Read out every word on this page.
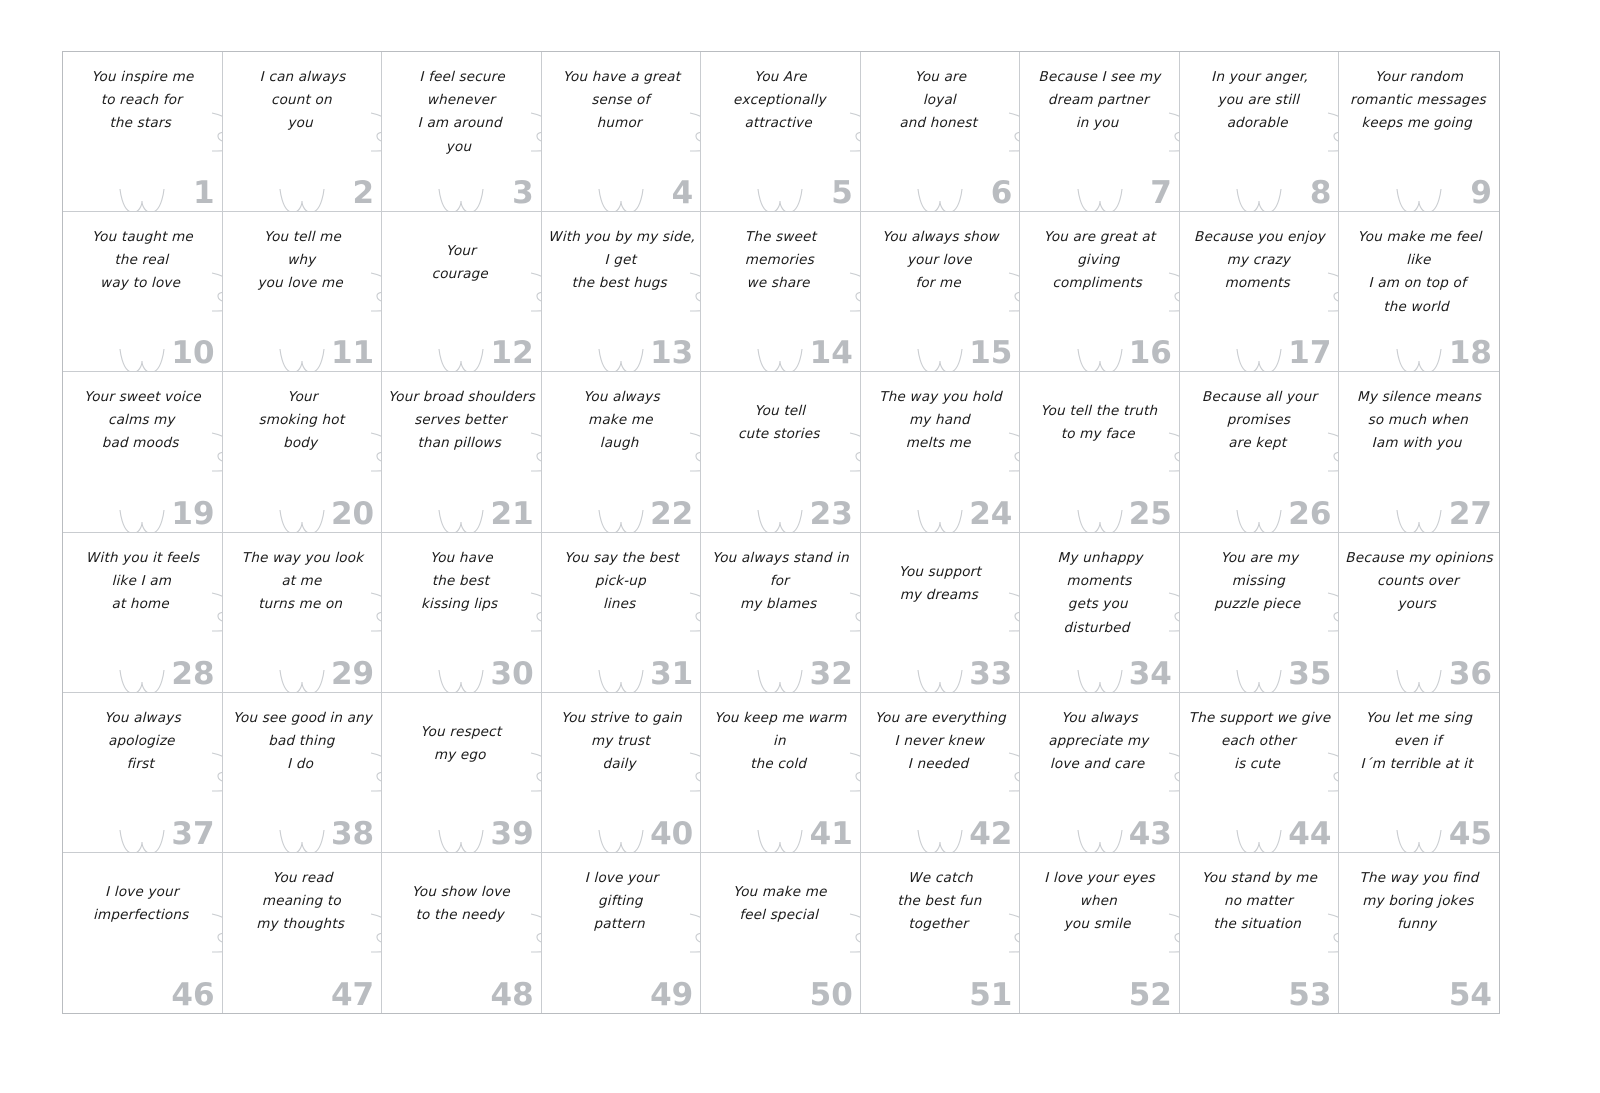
You inspire me
to reach for
the stars
1
I can always
count on
you
2
I feel secure whenever
I am around
you
3
You have a great
sense of
humor
4
You Are
exceptionally
attractive
5
You are
loyal
and honest
6
Because I see my
dream partner
in you
7
In your anger,
you are still
adorable
8
Your random
romantic messages
keeps me going
9
You taught me
the real
way to love
10
You tell me
why
you love me
11
Your
courage
12
With you by my side,
I get
the best hugs
13
The sweet
memories
we share
14
You always show
your love
for me
15
You are great at
giving
compliments
16
Because you enjoy
my crazy
moments
17
You make me feel like
I am on top of
the world
18
Your sweet voice
calms my
bad moods
19
Your
smoking hot
body
20
Your broad shoulders
serves better
than pillows
21
You always
make me
laugh
22
You tell
cute stories
23
The way you hold
my hand
melts me
24
You tell the truth
to my face
25
Because all your
promises
are kept
26
My silence means
so much when
Iam with you
27
With you it feels
like I am
at home
28
The way you look
at me
turns me on
29
You have
the best
kissing lips
30
You say the best
pick-up
lines
31
You always stand in
for
my blames
32
You support
my dreams
33
My unhappy moments
gets you
disturbed
34
You are my
missing
puzzle piece
35
Because my opinions
counts over
yours
36
You always
apologize
first
37
You see good in any
bad thing
I do
38
You respect
my ego
39
You strive to gain
my trust
daily
40
You keep me warm
in
the cold
41
You are everything
I never knew
I needed
42
You always
appreciate my
love and care
43
The support we give
each other
is cute
44
You let me sing
even if
I´m terrible at it
45
I love your
imperfections
46
You read
meaning to
my thoughts
47
You show love
to the needy
48
I love your
gifting
pattern
49
You make me
feel special
50
We catch
the best fun
together
51
I love your eyes
when
you smile
52
You stand by me
no matter
the situation
53
The way you find
my boring jokes
funny
54
